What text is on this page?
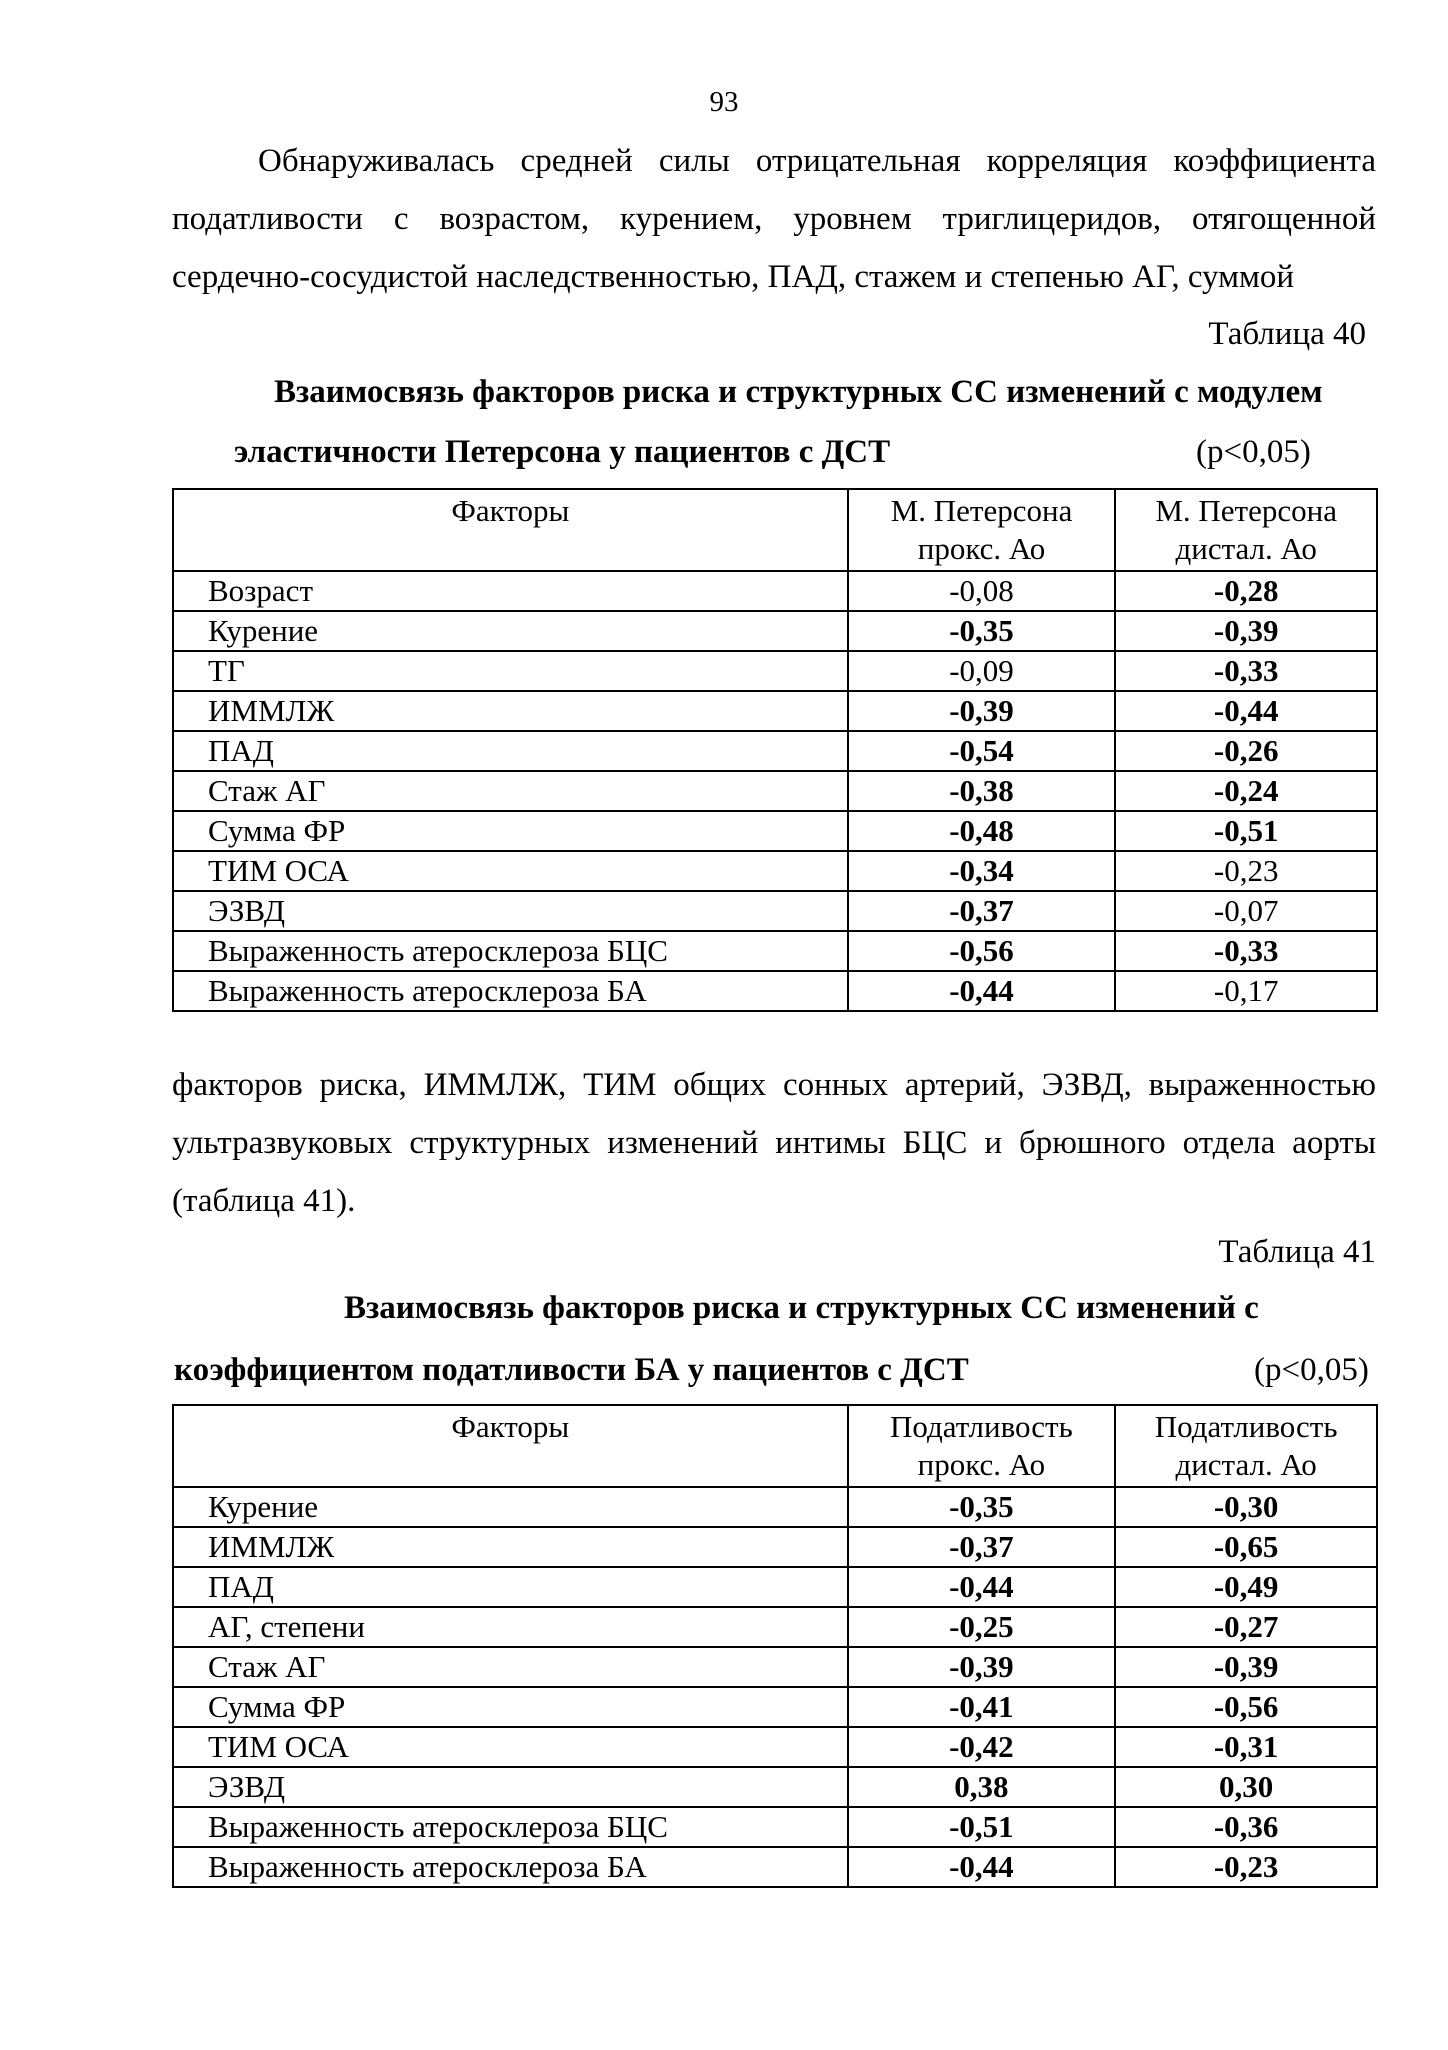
93

Обнаруживалась средней силы отрицательная корреляция коэффициента податливости с возрастом, курением, уровнем триглицеридов, отягощенной сердечно-сосудистой наследственностью, ПАД, стажем и степенью АГ, суммой

Таблица 40

Взаимосвязь факторов риска и структурных СС изменений с модулем

эластичности Петерсона у пациентов с ДСТ	(p<0,05)
Факторы	М. Петерсона прокс. Ао	М. Петерсона дистал. Ао
Возраст	-0,08	-0,28
Курение	-0,35	-0,39
ТГ	-0,09	-0,33
ИММЛЖ	-0,39	-0,44
ПАД	-0,54	-0,26
Стаж АГ	-0,38	-0,24
Сумма ФР	-0,48	-0,51
ТИМ ОСА	-0,34	-0,23
ЭЗВД	-0,37	-0,07
Выраженность атеросклероза БЦС	-0,56	-0,33
Выраженность атеросклероза БА	-0,44	-0,17

факторов риска, ИММЛЖ, ТИМ общих сонных артерий, ЭЗВД, выраженностью ультразвуковых структурных изменений интимы БЦС и брюшного отдела аорты (таблица 41).

Таблица 41

Взаимосвязь факторов риска и структурных СС изменений с

коэффициентом податливости БА у пациентов с ДСТ	(p<0,05)
Факторы	Податливость прокс. Ао	Податливость дистал. Ао
Курение	-0,35	-0,30
ИММЛЖ	-0,37	-0,65
ПАД	-0,44	-0,49
АГ, степени	-0,25	-0,27
Стаж АГ	-0,39	-0,39
Сумма ФР	-0,41	-0,56
ТИМ ОСА	-0,42	-0,31
ЭЗВД	0,38	0,30
Выраженность атеросклероза БЦС	-0,51	-0,36
Выраженность атеросклероза БА	-0,44	-0,23
